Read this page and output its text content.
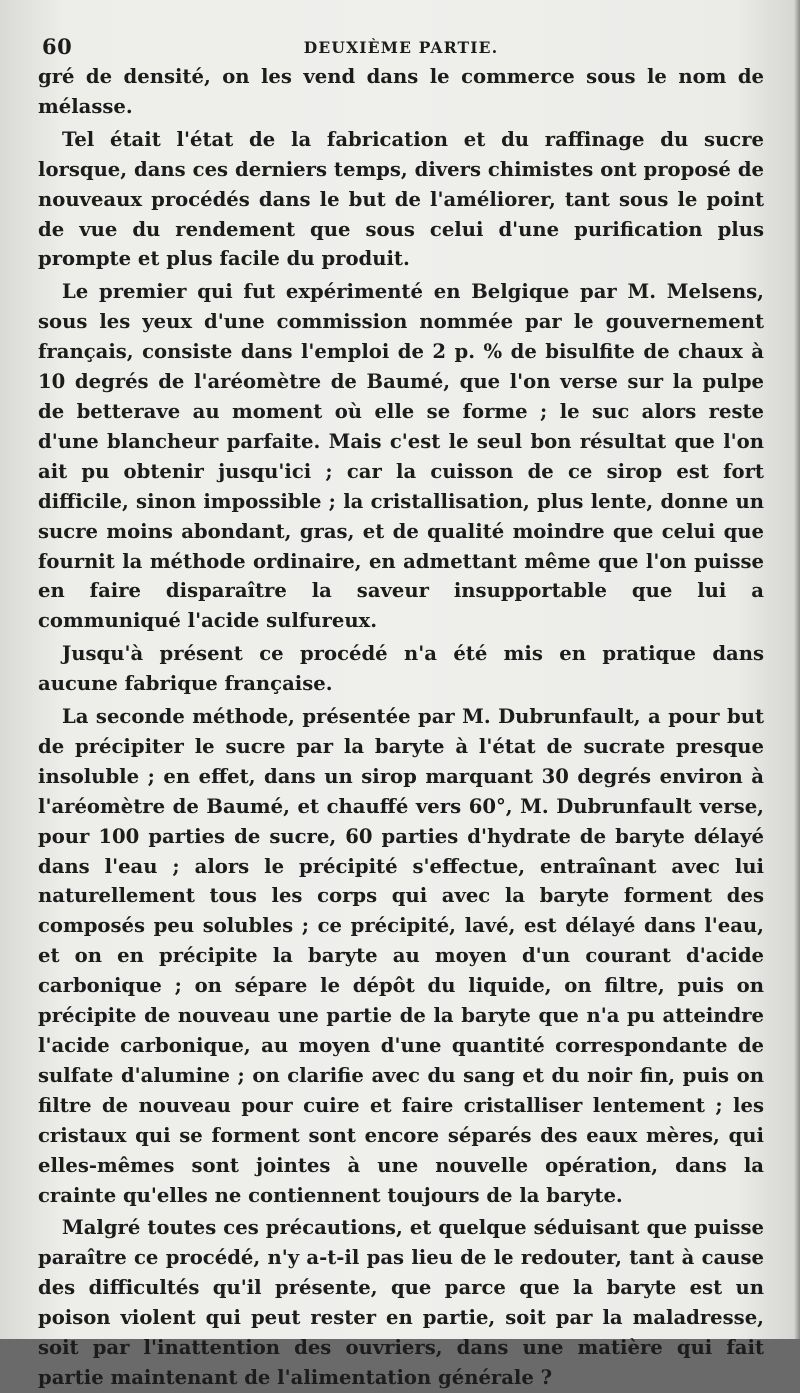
60	DEUXIÈME PARTIE.

gré de densité, on les vend dans le commerce sous le nom de mélasse.

Tel était l'état de la fabrication et du raffinage du sucre lorsque, dans ces derniers temps, divers chimistes ont proposé de nouveaux procédés dans le but de l'améliorer, tant sous le point de vue du rendement que sous celui d'une purification plus prompte et plus facile du produit.

Le premier qui fut expérimenté en Belgique par M. Melsens, sous les yeux d'une commission nommée par le gouvernement français, consiste dans l'emploi de 2 p. % de bisulfite de chaux à 10 degrés de l'aréomètre de Baumé, que l'on verse sur la pulpe de betterave au moment où elle se forme ; le suc alors reste d'une blancheur parfaite. Mais c'est le seul bon résultat que l'on ait pu obtenir jusqu'ici ; car la cuisson de ce sirop est fort difficile, sinon impossible ; la cristallisation, plus lente, donne un sucre moins abondant, gras, et de qualité moindre que celui que fournit la méthode ordinaire, en admettant même que l'on puisse en faire disparaître la saveur insupportable que lui a communiqué l'acide sulfureux.

Jusqu'à présent ce procédé n'a été mis en pratique dans aucune fabrique française.

La seconde méthode, présentée par M. Dubrunfault, a pour but de précipiter le sucre par la baryte à l'état de sucrate presque insoluble ; en effet, dans un sirop marquant 30 degrés environ à l'aréomètre de Baumé, et chauffé vers 60°, M. Dubrunfault verse, pour 100 parties de sucre, 60 parties d'hydrate de baryte délayé dans l'eau ; alors le précipité s'effectue, entraînant avec lui naturellement tous les corps qui avec la baryte forment des composés peu solubles ; ce précipité, lavé, est délayé dans l'eau, et on en précipite la baryte au moyen d'un courant d'acide carbonique ; on sépare le dépôt du liquide, on filtre, puis on précipite de nouveau une partie de la baryte que n'a pu atteindre l'acide carbonique, au moyen d'une quantité correspondante de sulfate d'alumine ; on clarifie avec du sang et du noir fin, puis on filtre de nouveau pour cuire et faire cristalliser lentement ; les cristaux qui se forment sont encore séparés des eaux mères, qui elles-mêmes sont jointes à une nouvelle opération, dans la crainte qu'elles ne contiennent toujours de la baryte.

Malgré toutes ces précautions, et quelque séduisant que puisse paraître ce procédé, n'y a-t-il pas lieu de le redouter, tant à cause des difficultés qu'il présente, que parce que la baryte est un poison violent qui peut rester en partie, soit par la maladresse, soit par l'inattention des ouvriers, dans une matière qui fait partie maintenant de l'alimentation générale ?
